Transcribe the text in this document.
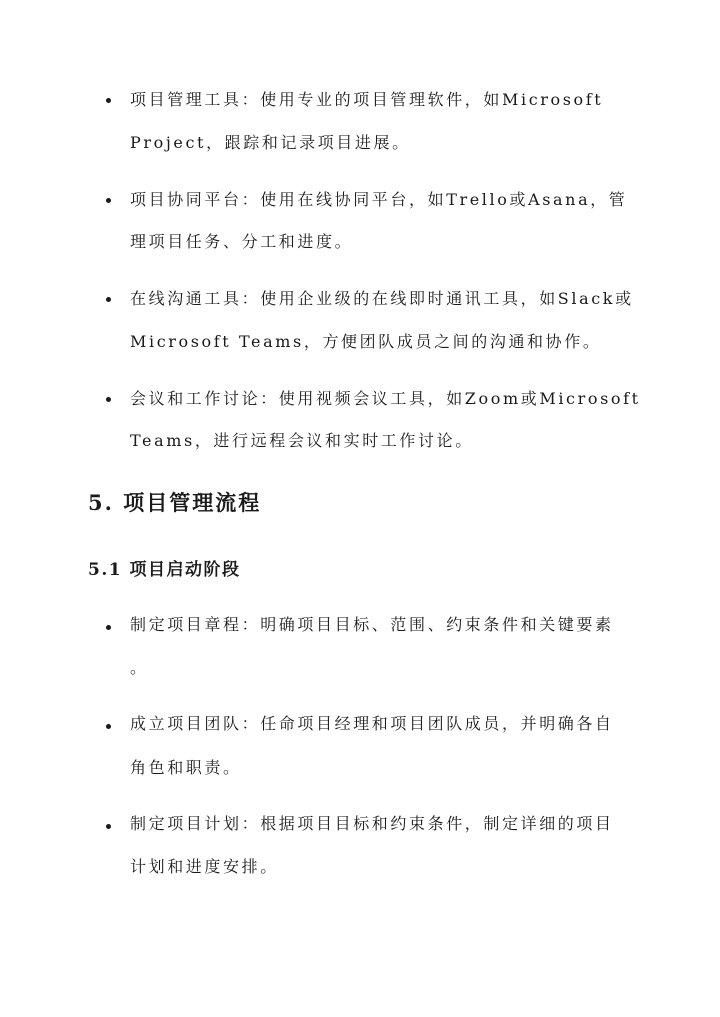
项目管理工具：使用专业的项目管理软件，如Microsoft
Project，跟踪和记录项目进展。
项目协同平台：使用在线协同平台，如Trello或Asana，管
理项目任务、分工和进度。
在线沟通工具：使用企业级的在线即时通讯工具，如Slack或
Microsoft Teams，方便团队成员之间的沟通和协作。
会议和工作讨论：使用视频会议工具，如Zoom或Microsoft
Teams，进行远程会议和实时工作讨论。
5. 项目管理流程
5.1 项目启动阶段
制定项目章程：明确项目目标、范围、约束条件和关键要素
。
成立项目团队：任命项目经理和项目团队成员，并明确各自
角色和职责。
制定项目计划：根据项目目标和约束条件，制定详细的项目
计划和进度安排。
